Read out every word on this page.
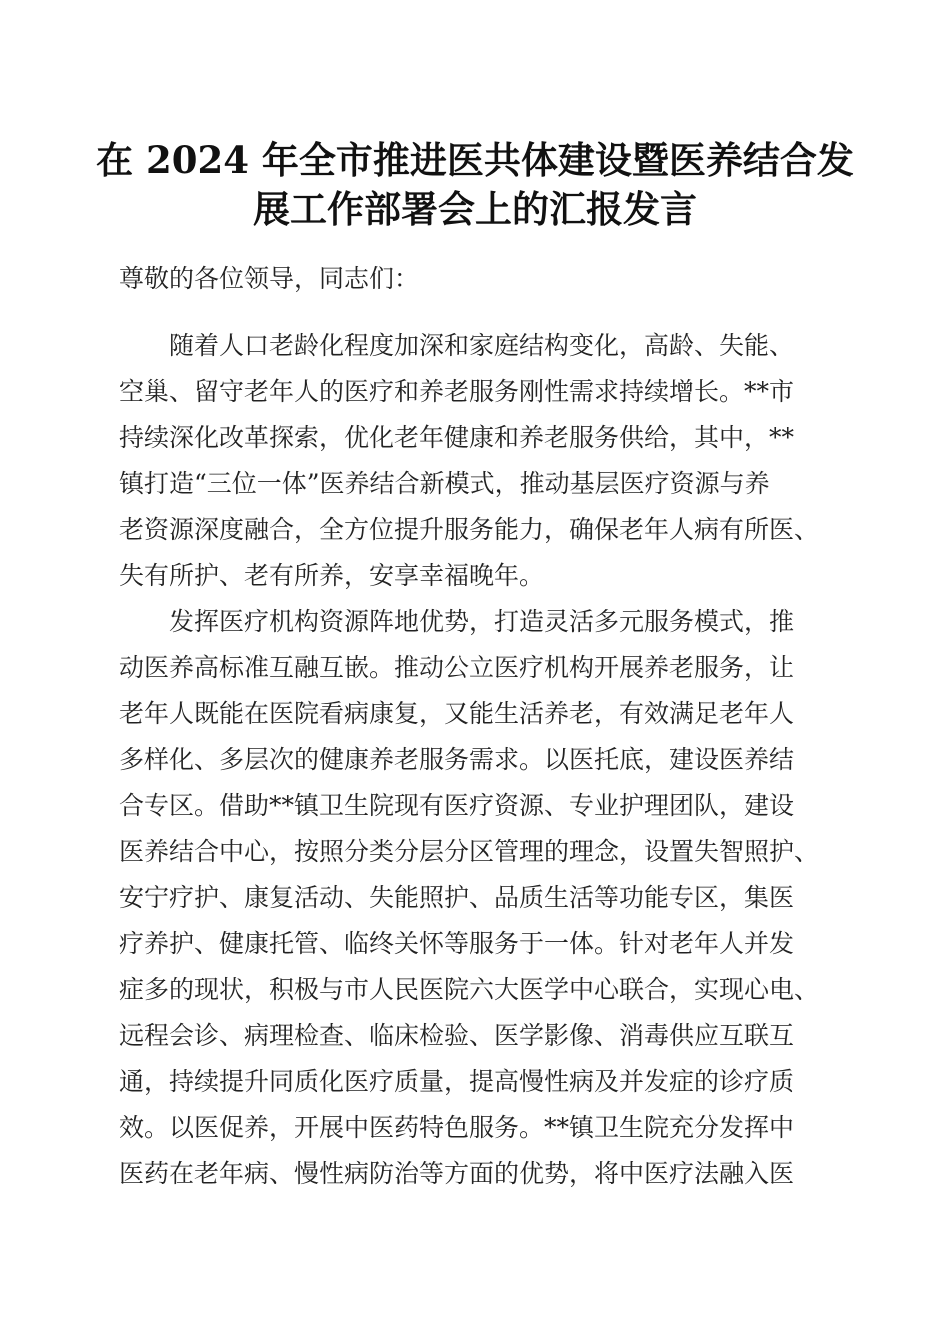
在 2024 年全市推进医共体建设暨医养结合发
展工作部署会上的汇报发言
尊敬的各位领导，同志们：
随着人口老龄化程度加深和家庭结构变化，高龄、失能、
空巢、留守老年人的医疗和养老服务刚性需求持续增长。**市
持续深化改革探索，优化老年健康和养老服务供给，其中，**
镇打造“三位一体”医养结合新模式，推动基层医疗资源与养
老资源深度融合，全方位提升服务能力，确保老年人病有所医、
失有所护、老有所养，安享幸福晚年。
发挥医疗机构资源阵地优势，打造灵活多元服务模式，推
动医养高标准互融互嵌。推动公立医疗机构开展养老服务，让
老年人既能在医院看病康复，又能生活养老，有效满足老年人
多样化、多层次的健康养老服务需求。以医托底，建设医养结
合专区。借助**镇卫生院现有医疗资源、专业护理团队，建设
医养结合中心，按照分类分层分区管理的理念，设置失智照护、
安宁疗护、康复活动、失能照护、品质生活等功能专区，集医
疗养护、健康托管、临终关怀等服务于一体。针对老年人并发
症多的现状，积极与市人民医院六大医学中心联合，实现心电、
远程会诊、病理检查、临床检验、医学影像、消毒供应互联互
通，持续提升同质化医疗质量，提高慢性病及并发症的诊疗质
效。以医促养，开展中医药特色服务。**镇卫生院充分发挥中
医药在老年病、慢性病防治等方面的优势，将中医疗法融入医
